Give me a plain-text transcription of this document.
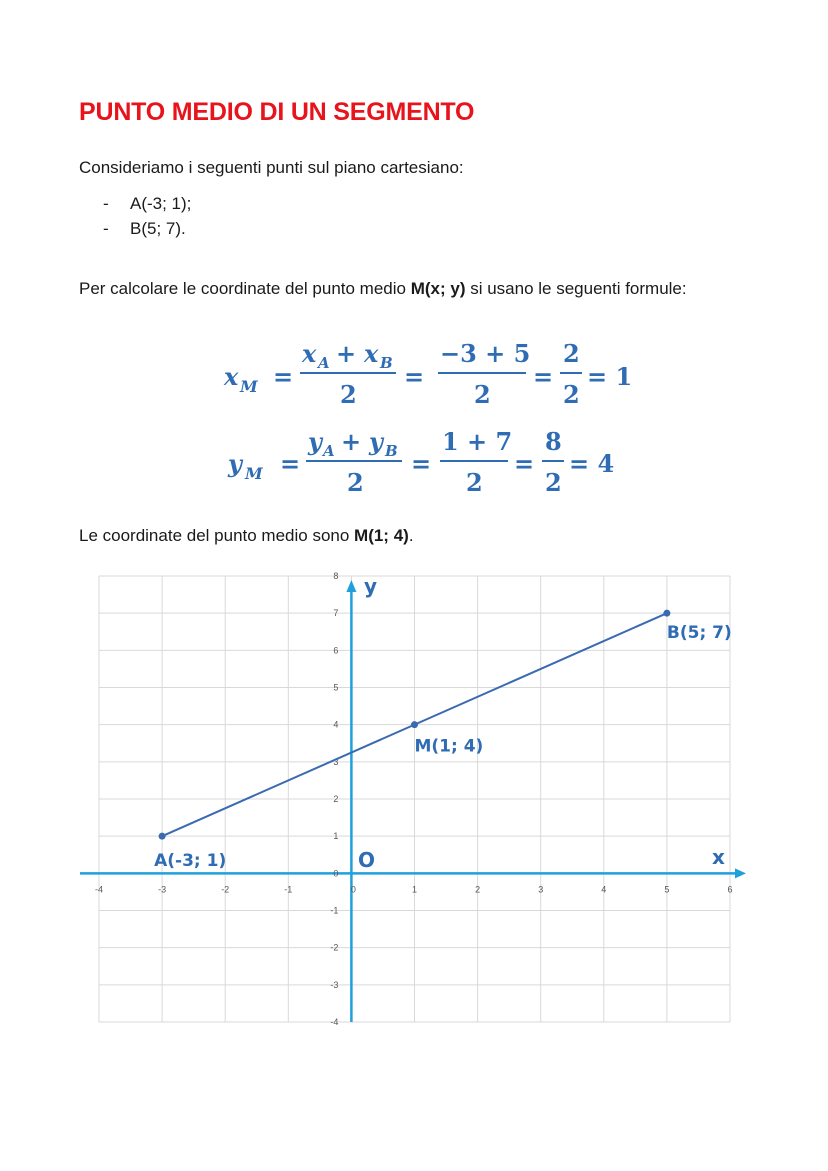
PUNTO MEDIO DI UN SEGMENTO
Consideriamo i seguenti punti sul piano cartesiano:
- A(-3; 1);
- B(5; 7).
Per calcolare le coordinate del punto medio M(x; y) si usano le seguenti formule:
x M =
x A + x B
2
=
−3 + 5
2
=
2
2
= 1
y M =
y A + y B
2
=
1 + 7
2
=
8
2
= 4
Le coordinate del punto medio sono M(1; 4).
-4	-3	-2	-1	0	1	2	3	4	5	6
-4
-3
-2
-1
1
2
3
4
5
6
7
8
0
x
y
O
A(-3; 1)
M(1; 4)
B(5; 7)
